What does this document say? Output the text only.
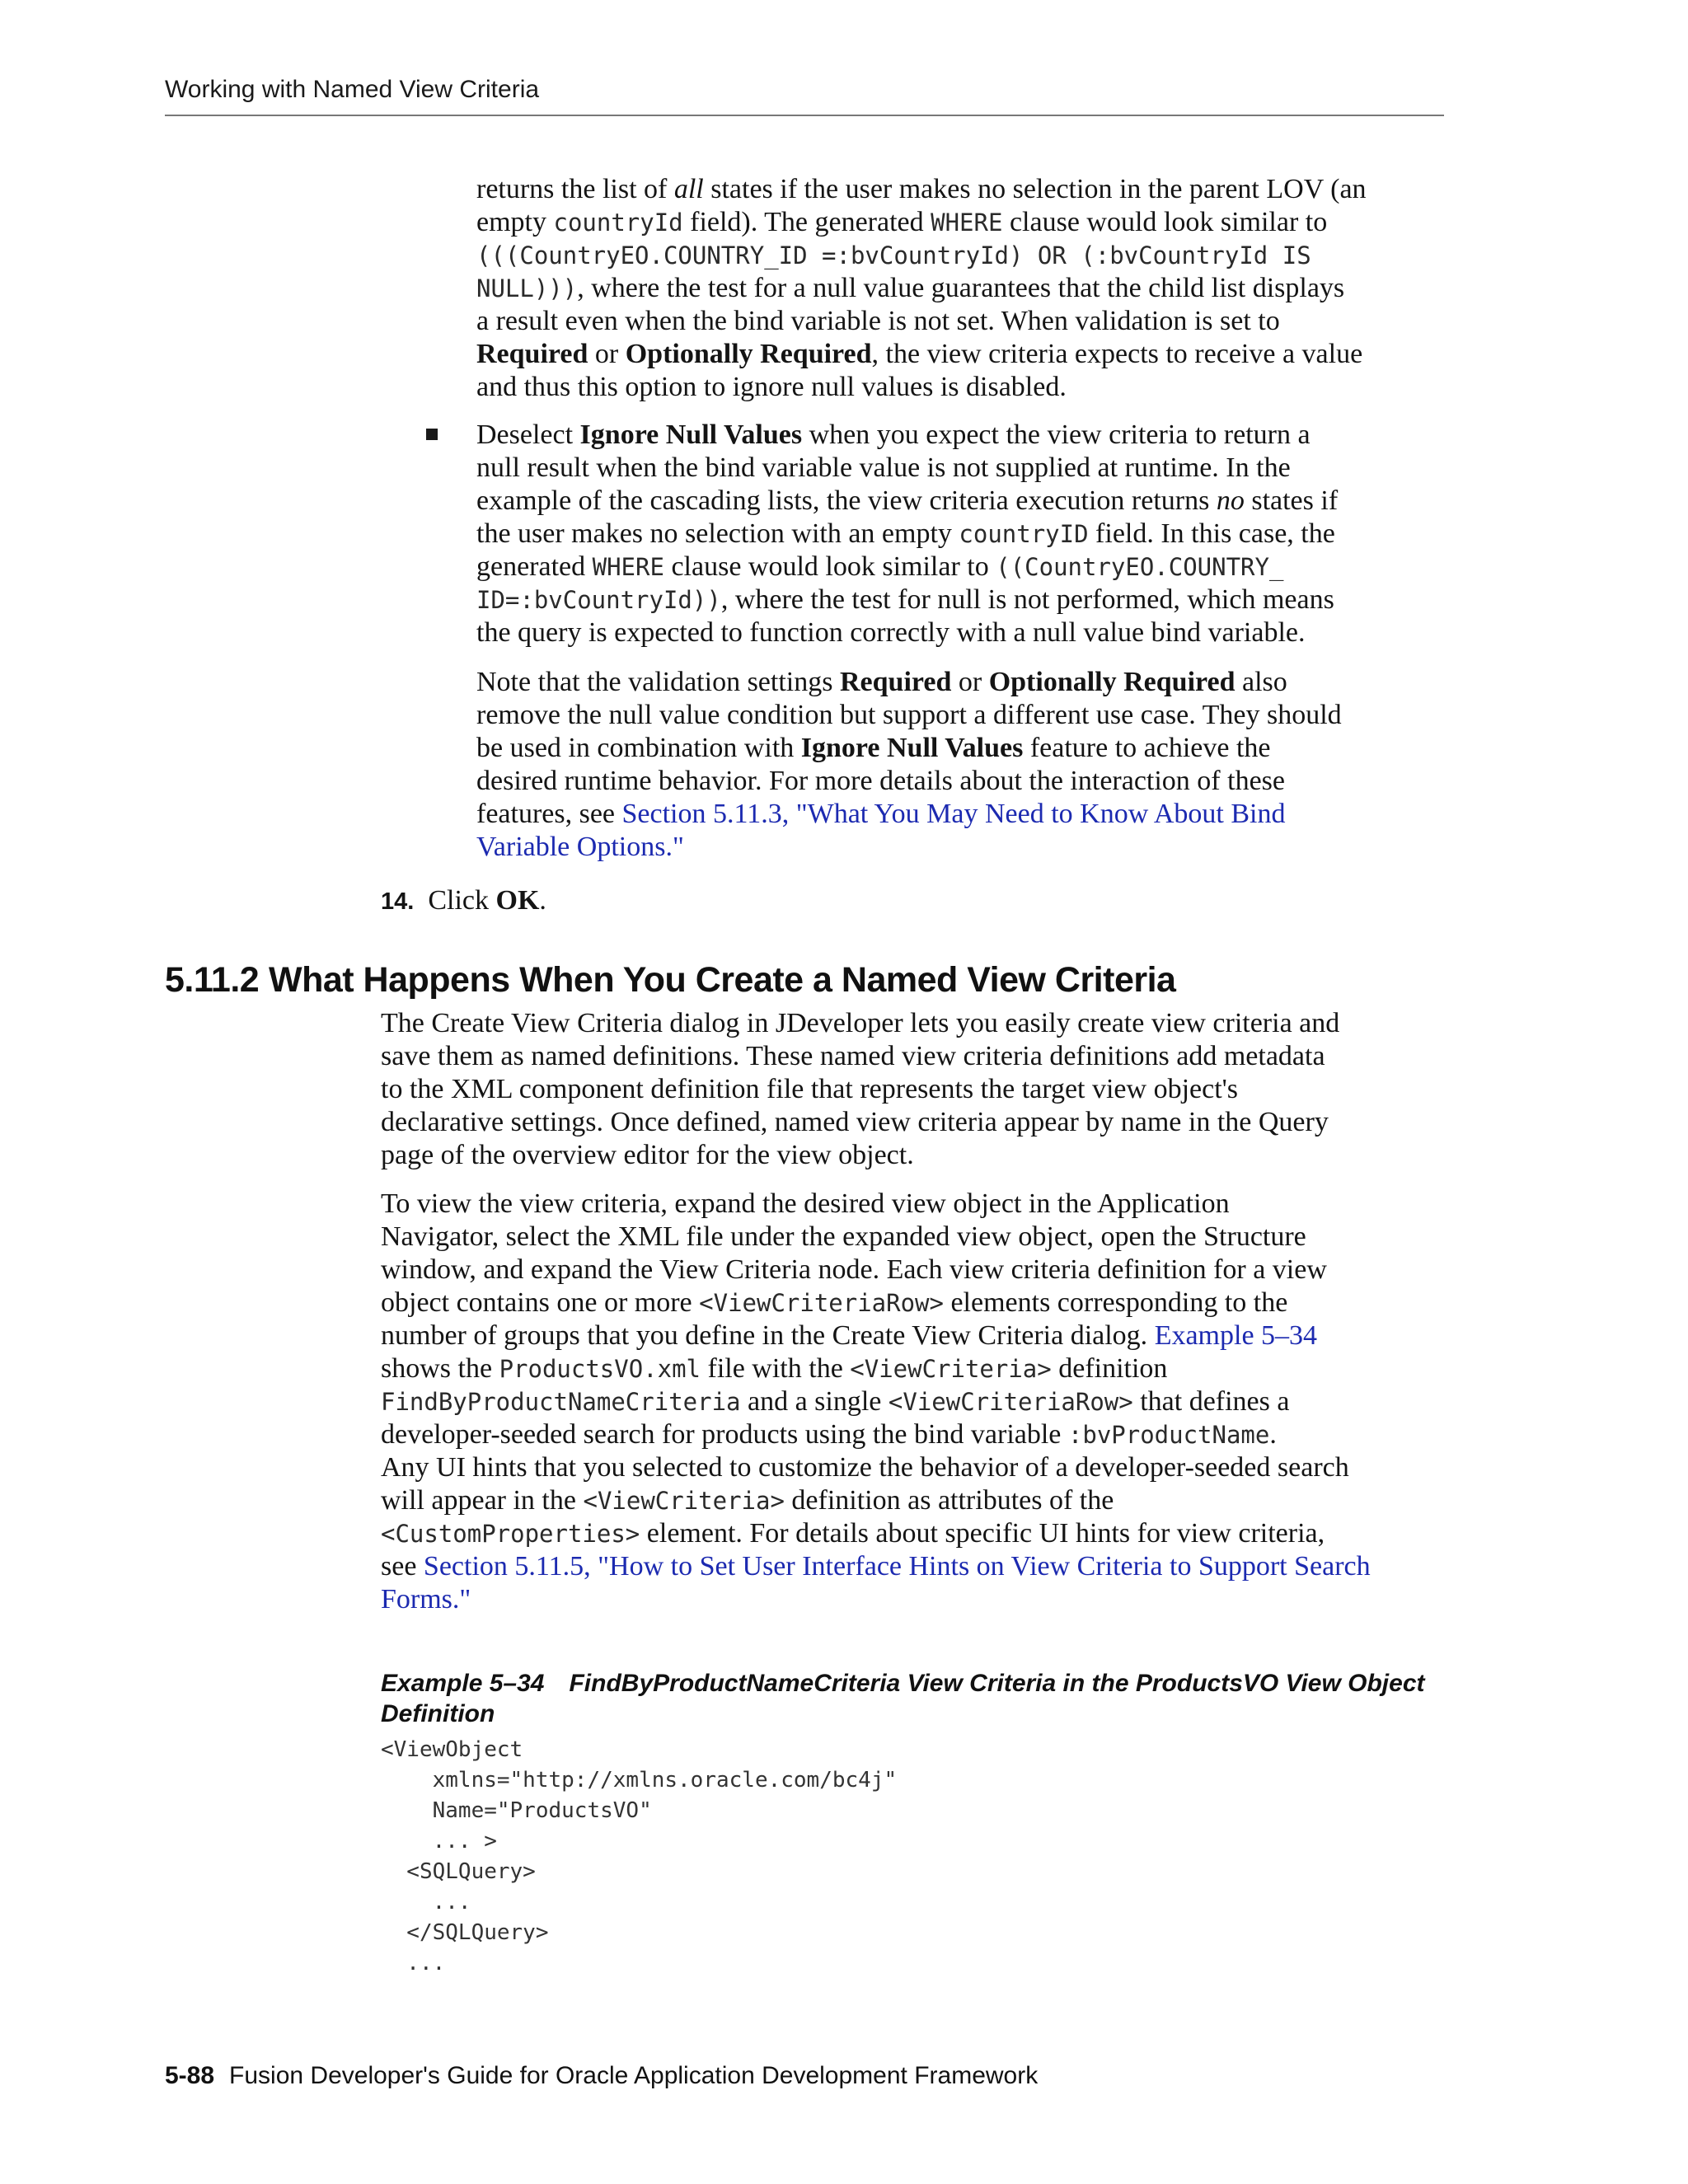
Working with Named View Criteria
returns the list of all states if the user makes no selection in the parent LOV (an
empty countryId field). The generated WHERE clause would look similar to
(((CountryEO.COUNTRY_ID =:bvCountryId) OR (:bvCountryId IS
NULL))), where the test for a null value guarantees that the child list displays
a result even when the bind variable is not set. When validation is set to
Required or Optionally Required, the view criteria expects to receive a value
and thus this option to ignore null values is disabled.
Deselect Ignore Null Values when you expect the view criteria to return a
null result when the bind variable value is not supplied at runtime. In the
example of the cascading lists, the view criteria execution returns no states if
the user makes no selection with an empty countryID field. In this case, the
generated WHERE clause would look similar to ((CountryEO.COUNTRY_
ID=:bvCountryId)), where the test for null is not performed, which means
the query is expected to function correctly with a null value bind variable.
Note that the validation settings Required or Optionally Required also
remove the null value condition but support a different use case. They should
be used in combination with Ignore Null Values feature to achieve the
desired runtime behavior. For more details about the interaction of these
features, see Section 5.11.3, "What You May Need to Know About Bind
Variable Options."
14. Click OK.
5.11.2 What Happens When You Create a Named View Criteria
The Create View Criteria dialog in JDeveloper lets you easily create view criteria and
save them as named definitions. These named view criteria definitions add metadata
to the XML component definition file that represents the target view object's
declarative settings. Once defined, named view criteria appear by name in the Query
page of the overview editor for the view object.
To view the view criteria, expand the desired view object in the Application
Navigator, select the XML file under the expanded view object, open the Structure
window, and expand the View Criteria node. Each view criteria definition for a view
object contains one or more <ViewCriteriaRow> elements corresponding to the
number of groups that you define in the Create View Criteria dialog. Example 5–34
shows the ProductsVO.xml file with the <ViewCriteria> definition
FindByProductNameCriteria and a single <ViewCriteriaRow> that defines a
developer-seeded search for products using the bind variable :bvProductName.
Any UI hints that you selected to customize the behavior of a developer-seeded search
will appear in the <ViewCriteria> definition as attributes of the
<CustomProperties> element. For details about specific UI hints for view criteria,
see Section 5.11.5, "How to Set User Interface Hints on View Criteria to Support Search
Forms."
Example 5–34 FindByProductNameCriteria View Criteria in the ProductsVO View Object
Definition
<ViewObject
xmlns="http://xmlns.oracle.com/bc4j"
Name="ProductsVO"
... >
<SQLQuery>
...
</SQLQuery>
...
5-88 Fusion Developer's Guide for Oracle Application Development Framework
